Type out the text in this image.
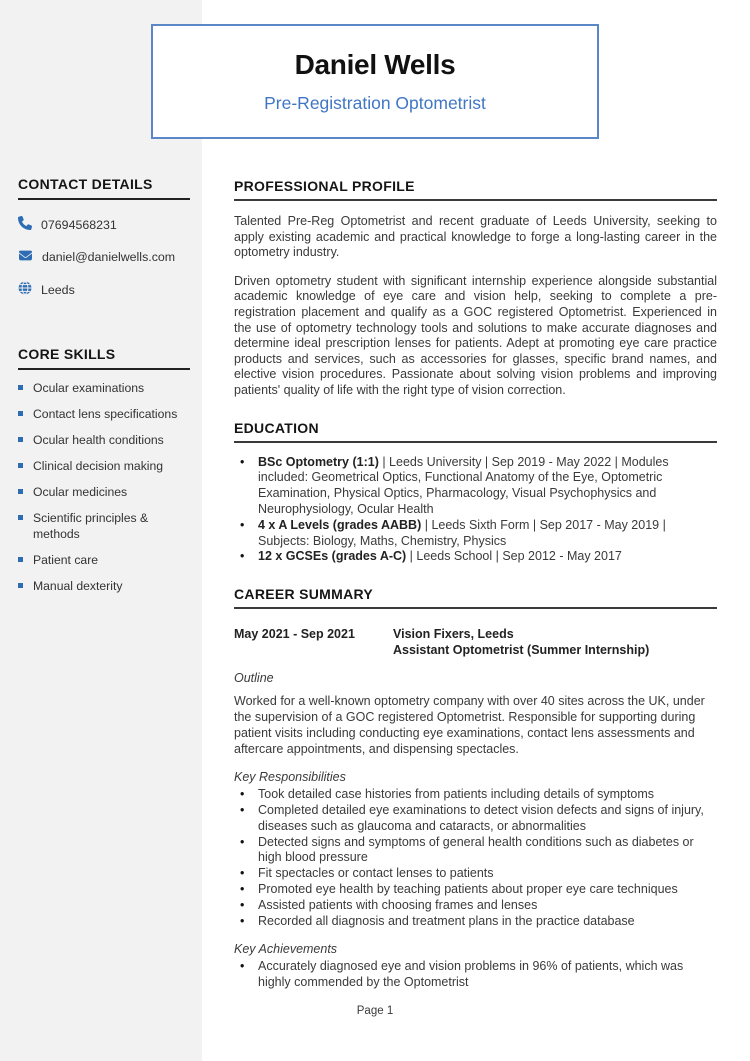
CONTACT DETAILS
07694568231
daniel@danielwells.com
Leeds
CORE SKILLS
Ocular examinations
Contact lens specifications
Ocular health conditions
Clinical decision making
Ocular medicines
Scientific principles & methods
Patient care
Manual dexterity
Daniel Wells
Pre-Registration Optometrist
PROFESSIONAL PROFILE

Talented Pre-Reg Optometrist and recent graduate of Leeds University, seeking to apply existing academic and practical knowledge to forge a long-lasting career in the optometry industry.

Driven optometry student with significant internship experience alongside substantial academic knowledge of eye care and vision help, seeking to complete a pre-registration placement and qualify as a GOC registered Optometrist. Experienced in the use of optometry technology tools and solutions to make accurate diagnoses and determine ideal prescription lenses for patients. Adept at promoting eye care practice products and services, such as accessories for glasses, specific brand names, and elective vision procedures. Passionate about solving vision problems and improving patients' quality of life with the right type of vision correction.

EDUCATION
•
BSc Optometry (1:1) | Leeds University | Sep 2019 - May 2022 | Modules included: Geometrical Optics, Functional Anatomy of the Eye, Optometric Examination, Physical Optics, Pharmacology, Visual Psychophysics and Neurophysiology, Ocular Health
•
4 x A Levels (grades AABB) | Leeds Sixth Form | Sep 2017 - May 2019 | Subjects: Biology, Maths, Chemistry, Physics
•
12 x GCSEs (grades A-C) | Leeds School | Sep 2012 - May 2017
CAREER SUMMARY
May 2021 - Sep 2021	Vision Fixers, Leeds
Assistant Optometrist (Summer Internship)
Outline

Worked for a well-known optometry company with over 40 sites across the UK, under the supervision of a GOC registered Optometrist. Responsible for supporting during patient visits including conducting eye examinations, contact lens assessments and aftercare appointments, and dispensing spectacles.

Key Responsibilities
•
Took detailed case histories from patients including details of symptoms
•
Completed detailed eye examinations to detect vision defects and signs of injury, diseases such as glaucoma and cataracts, or abnormalities
•
Detected signs and symptoms of general health conditions such as diabetes or high blood pressure
•
Fit spectacles or contact lenses to patients
•
Promoted eye health by teaching patients about proper eye care techniques
•
Assisted patients with choosing frames and lenses
•
Recorded all diagnosis and treatment plans in the practice database
Key Achievements
•
Accurately diagnosed eye and vision problems in 96% of patients, which was highly commended by the Optometrist
Page 1
